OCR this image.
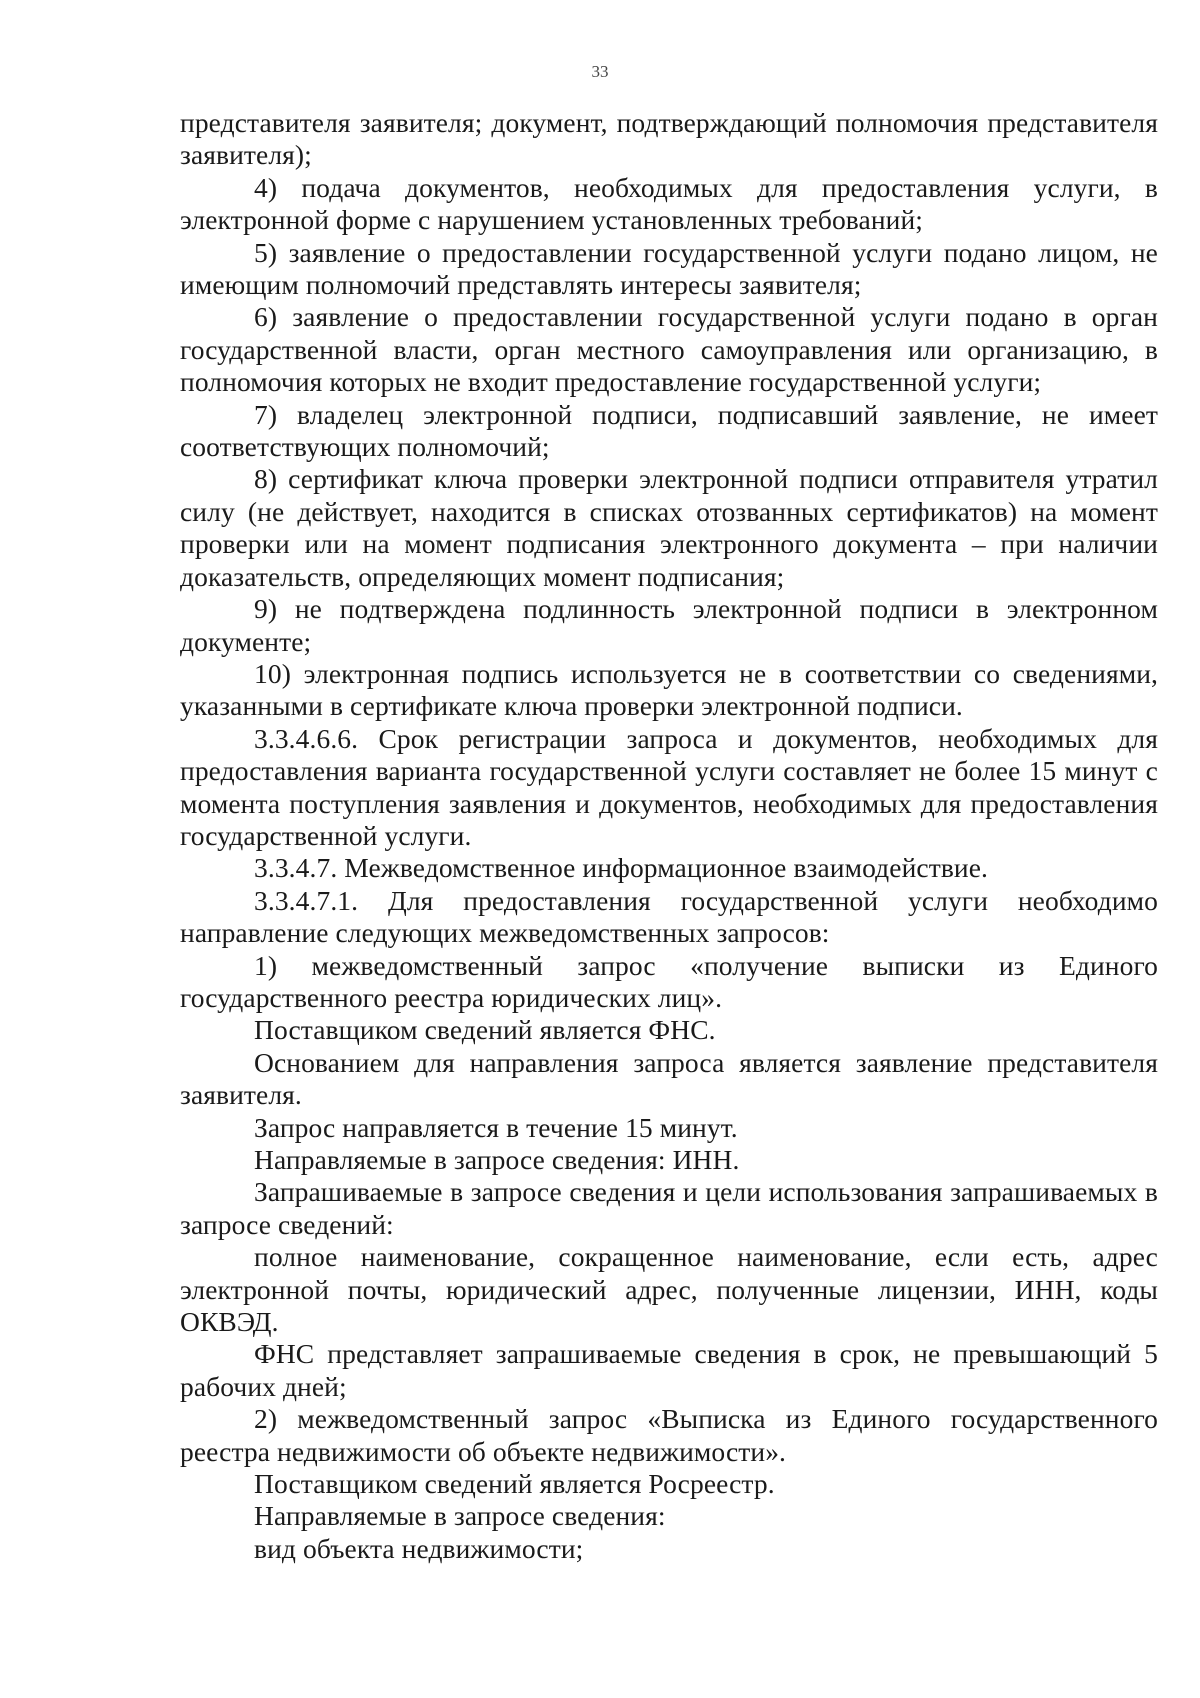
33

представителя заявителя; документ, подтверждающий полномочия представителя заявителя);

4) подача документов, необходимых для предоставления услуги, в электронной форме с нарушением установленных требований;

5) заявление о предоставлении государственной услуги подано лицом, не имеющим полномочий представлять интересы заявителя;

6) заявление о предоставлении государственной услуги подано в орган государственной власти, орган местного самоуправления или организацию, в полномочия которых не входит предоставление государственной услуги;

7) владелец электронной подписи, подписавший заявление, не имеет соответствующих полномочий;

8) сертификат ключа проверки электронной подписи отправителя утратил силу (не действует, находится в списках отозванных сертификатов) на момент проверки или на момент подписания электронного документа – при наличии доказательств, определяющих момент подписания;

9) не подтверждена подлинность электронной подписи в электронном документе;

10) электронная подпись используется не в соответствии со сведениями, указанными в сертификате ключа проверки электронной подписи.

3.3.4.6.6. Срок регистрации запроса и документов, необходимых для предоставления варианта государственной услуги составляет не более 15 минут с момента поступления заявления и документов, необходимых для предоставления государственной услуги.

3.3.4.7. Межведомственное информационное взаимодействие.

3.3.4.7.1. Для предоставления государственной услуги необходимо направление следующих межведомственных запросов:

1) межведомственный запрос «получение выписки из Единого государственного реестра юридических лиц».

Поставщиком сведений является ФНС.

Основанием для направления запроса является заявление представителя заявителя.

Запрос направляется в течение 15 минут.

Направляемые в запросе сведения: ИНН.

Запрашиваемые в запросе сведения и цели использования запрашиваемых в запросе сведений:

полное наименование, сокращенное наименование, если есть, адрес электронной почты, юридический адрес, полученные лицензии, ИНН, коды ОКВЭД.

ФНС представляет запрашиваемые сведения в срок, не превышающий 5 рабочих дней;

2) межведомственный запрос «Выписка из Единого государственного реестра недвижимости об объекте недвижимости».

Поставщиком сведений является Росреестр.

Направляемые в запросе сведения:

вид объекта недвижимости;
